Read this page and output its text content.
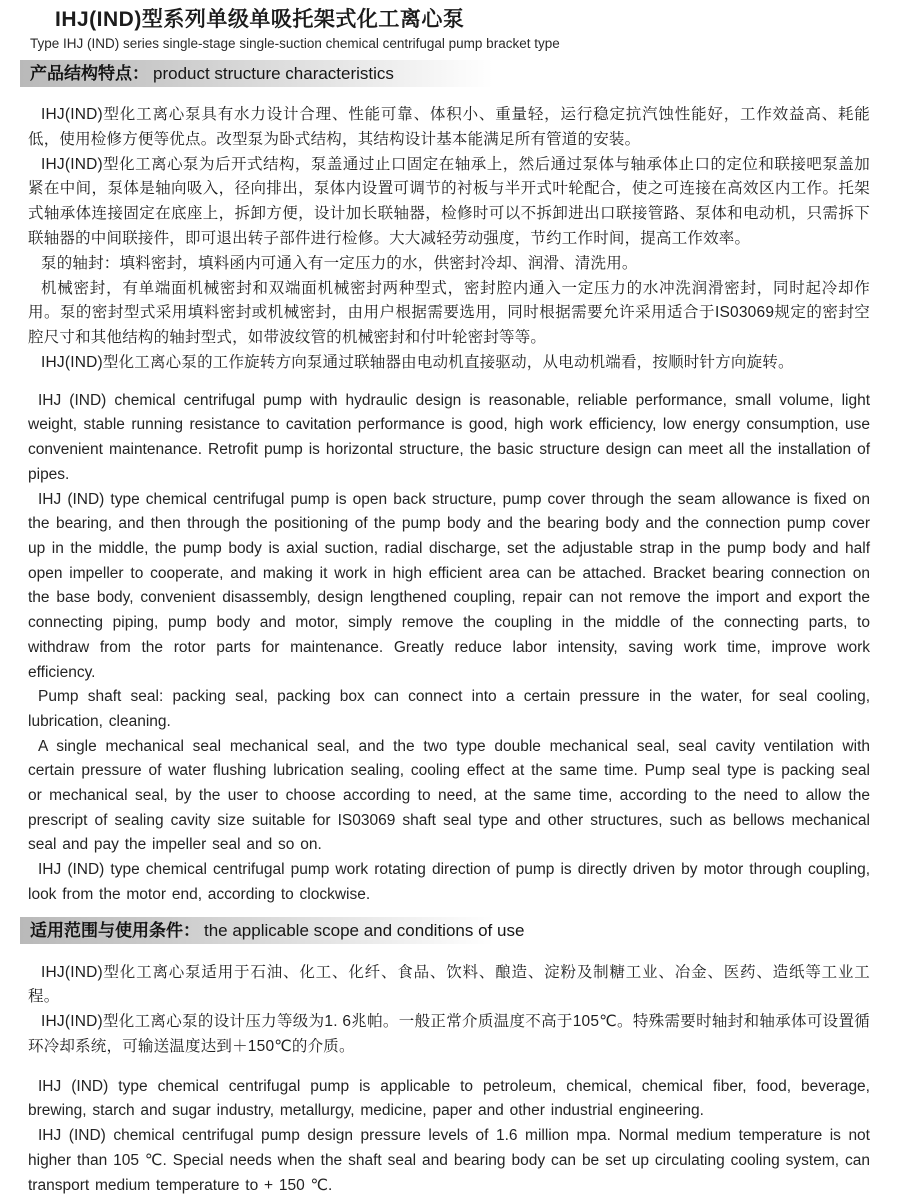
IHJ(IND)型系列单级单吸托架式化工离心泵
Type IHJ (IND) series single-stage single-suction chemical centrifugal pump bracket type
产品结构特点： product structure characteristics

IHJ(IND)型化工离心泵具有水力设计合理、性能可靠、体积小、重量轻，运行稳定抗汽蚀性能好，工作效益高、耗能低，使用检修方便等优点。改型泵为卧式结构，其结构设计基本能满足所有管道的安装。

IHJ(IND)型化工离心泵为后开式结构，泵盖通过止口固定在轴承上，然后通过泵体与轴承体止口的定位和联接吧泵盖加紧在中间，泵体是轴向吸入，径向排出，泵体内设置可调节的衬板与半开式叶轮配合，使之可连接在高效区内工作。托架式轴承体连接固定在底座上，拆卸方便，设计加长联轴器，检修时可以不拆卸进出口联接管路、泵体和电动机，只需拆下联轴器的中间联接件，即可退出转子部件进行检修。大大减轻劳动强度，节约工作时间，提高工作效率。

泵的轴封：填料密封，填料函内可通入有一定压力的水，供密封冷却、润滑、清洗用。

机械密封，有单端面机械密封和双端面机械密封两种型式，密封腔内通入一定压力的水冲洗润滑密封，同时起冷却作用。泵的密封型式采用填料密封或机械密封，由用户根据需要选用，同时根据需要允许采用适合于IS03069规定的密封空腔尺寸和其他结构的轴封型式，如带波纹管的机械密封和付叶轮密封等等。

IHJ(IND)型化工离心泵的工作旋转方向泵通过联轴器由电动机直接驱动，从电动机端看，按顺时针方向旋转。

IHJ (IND) chemical centrifugal pump with hydraulic design is reasonable, reliable performance, small volume, light weight, stable running resistance to cavitation performance is good, high work efficiency, low energy consumption, use convenient maintenance. Retrofit pump is horizontal structure, the basic structure design can meet all the installation of pipes.

IHJ (IND) type chemical centrifugal pump is open back structure, pump cover through the seam allowance is fixed on the bearing, and then through the positioning of the pump body and the bearing body and the connection pump cover up in the middle, the pump body is axial suction, radial discharge, set the adjustable strap in the pump body and half open impeller to cooperate, and making it work in high efficient area can be attached. Bracket bearing connection on the base body, convenient disassembly, design lengthened coupling, repair can not remove the import and export the connecting piping, pump body and motor, simply remove the coupling in the middle of the connecting parts, to withdraw from the rotor parts for maintenance. Greatly reduce labor intensity, saving work time, improve work efficiency.

Pump shaft seal: packing seal, packing box can connect into a certain pressure in the water, for seal cooling, lubrication, cleaning.

A single mechanical seal mechanical seal, and the two type double mechanical seal, seal cavity ventilation with certain pressure of water flushing lubrication sealing, cooling effect at the same time. Pump seal type is packing seal or mechanical seal, by the user to choose according to need, at the same time, according to the need to allow the prescript of sealing cavity size suitable for IS03069 shaft seal type and other structures, such as bellows mechanical seal and pay the impeller seal and so on.

IHJ (IND) type chemical centrifugal pump work rotating direction of pump is directly driven by motor through coupling, look from the motor end, according to clockwise.

适用范围与使用条件： the applicable scope and conditions of use

IHJ(IND)型化工离心泵适用于石油、化工、化纤、食品、饮料、酿造、淀粉及制糖工业、冶金、医药、造纸等工业工程。

IHJ(IND)型化工离心泵的设计压力等级为1. 6兆帕。一般正常介质温度不高于105℃。特殊需要时轴封和轴承体可设置循环冷却系统，可输送温度达到＋150℃的介质。

IHJ (IND) type chemical centrifugal pump is applicable to petroleum, chemical, chemical fiber, food, beverage, brewing, starch and sugar industry, metallurgy, medicine, paper and other industrial engineering.

IHJ (IND) chemical centrifugal pump design pressure levels of 1.6 million mpa. Normal medium temperature is not higher than 105 ℃. Special needs when the shaft seal and bearing body can be set up circulating cooling system, can transport medium temperature to + 150 ℃.
